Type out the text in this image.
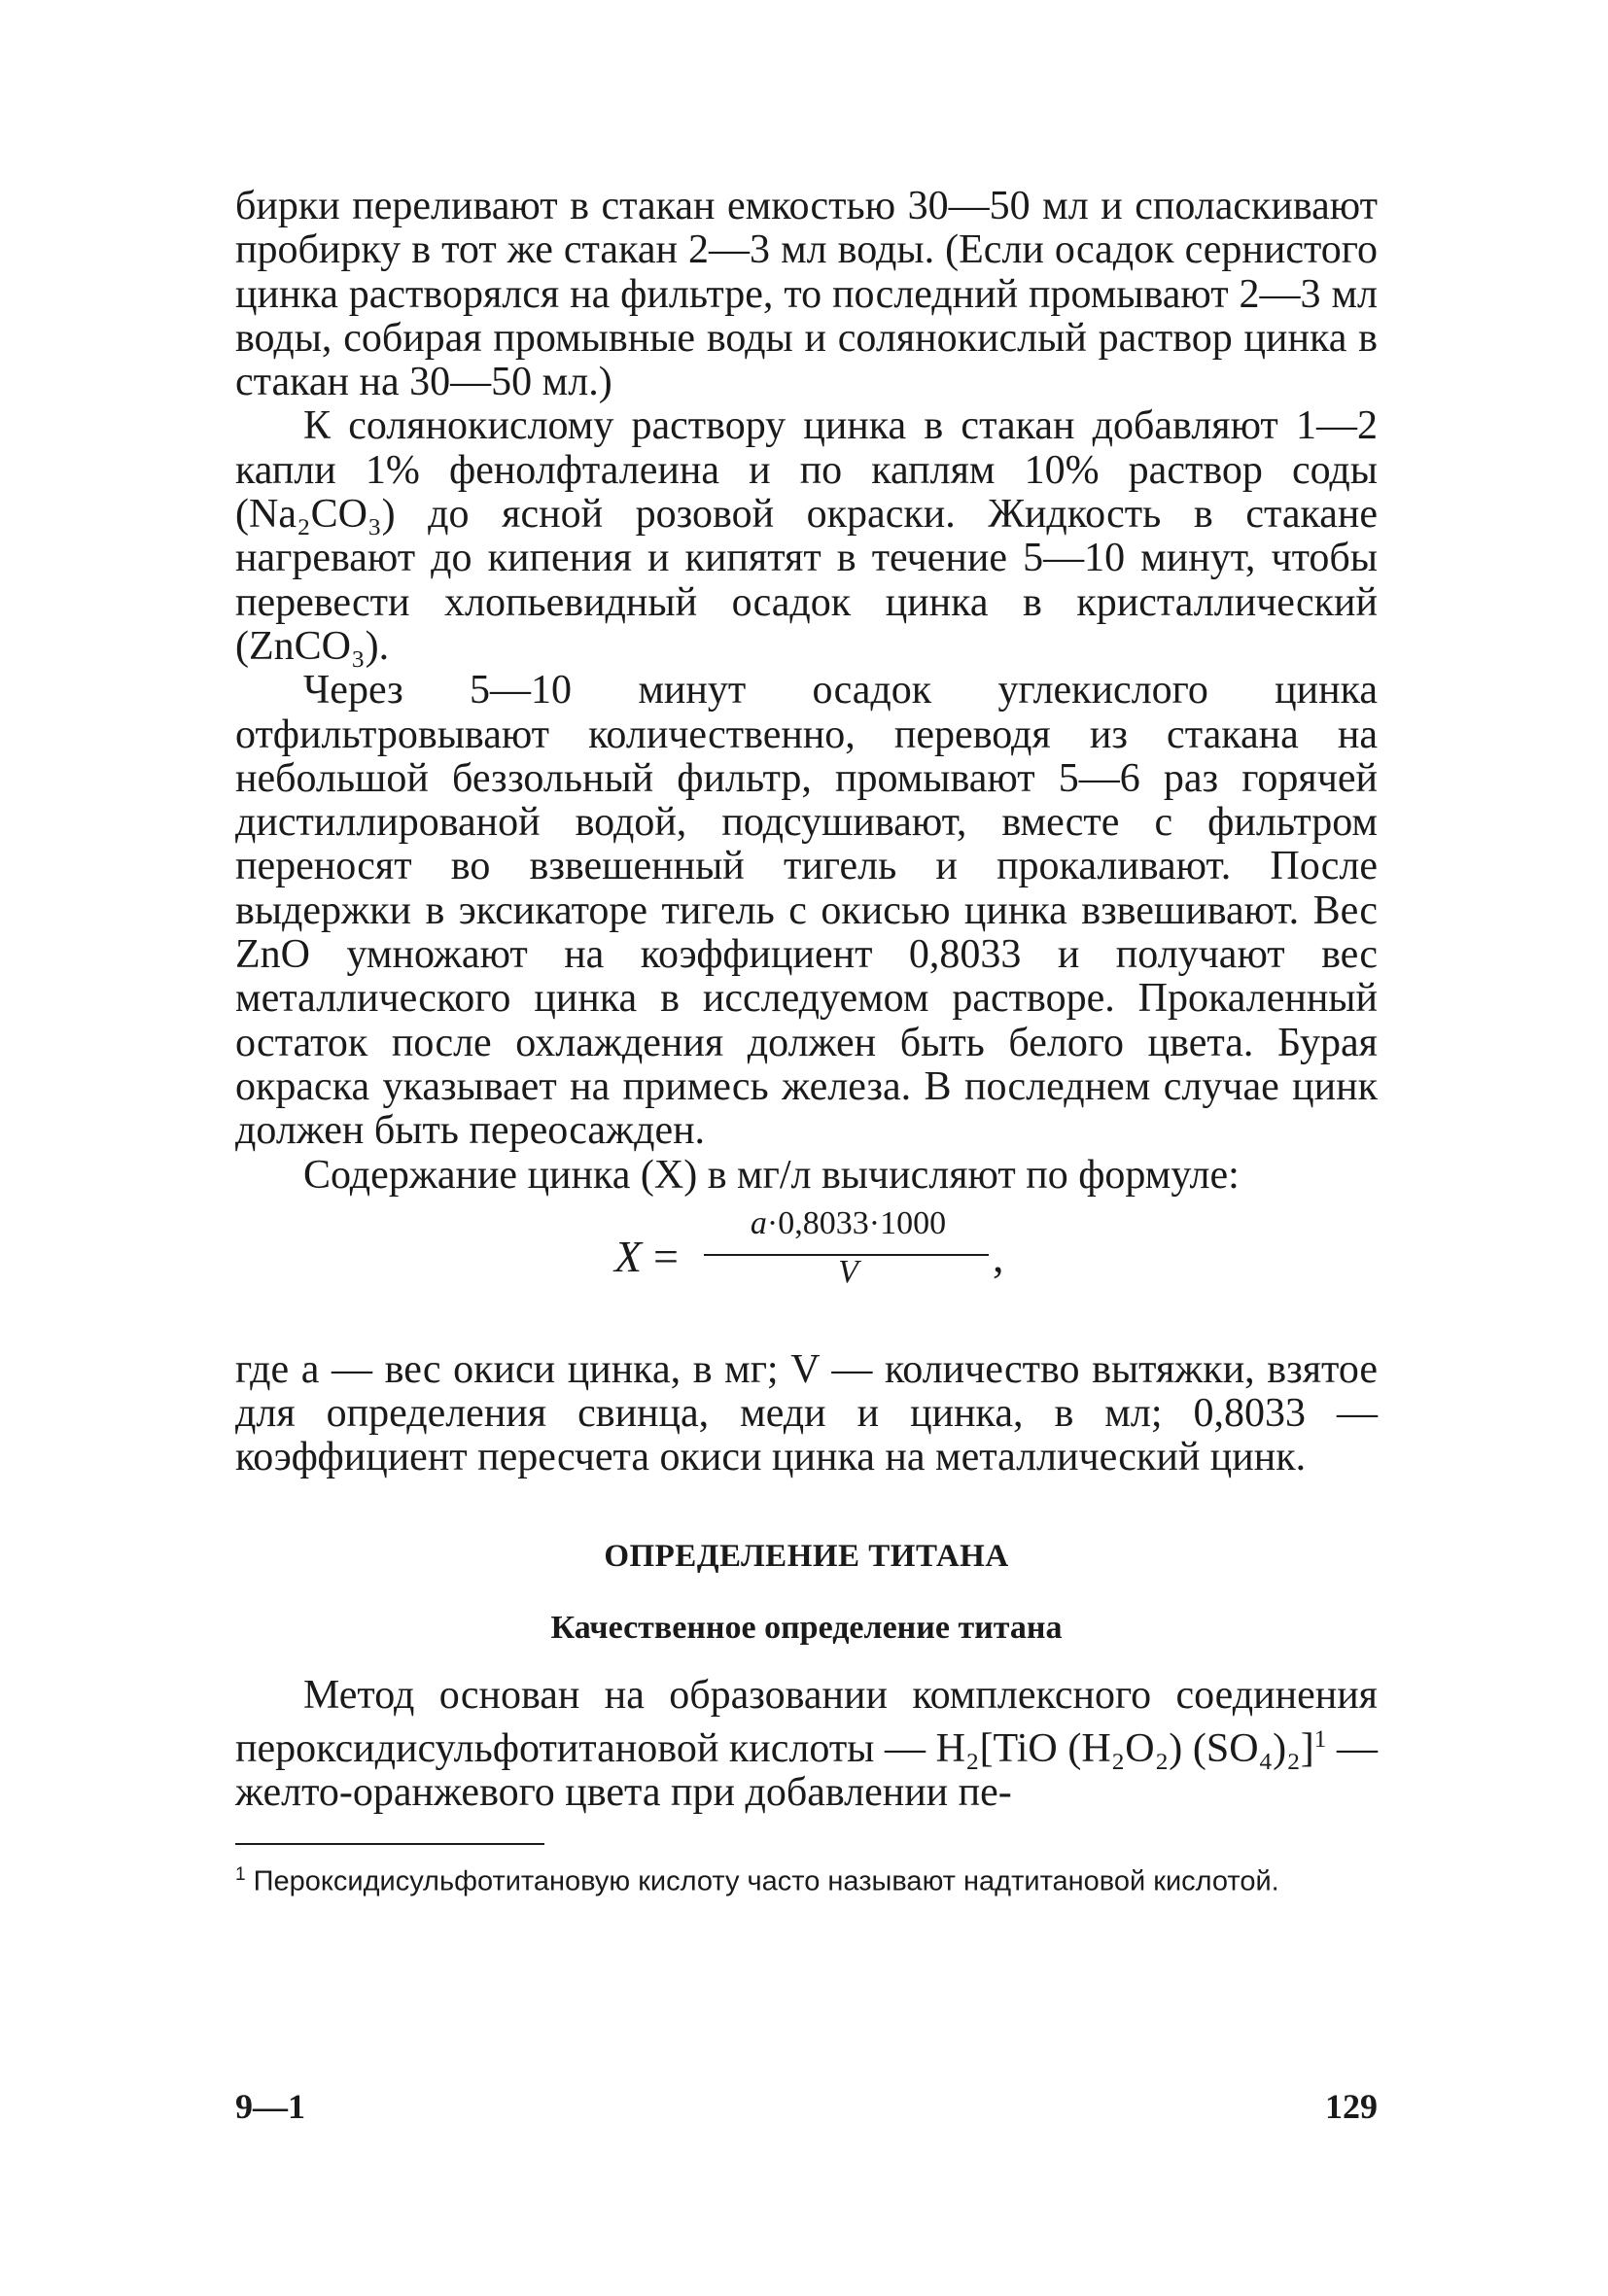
бирки переливают в стакан емкостью 30—50 мл и споласкивают пробирку в тот же стакан 2—3 мл воды. (Если осадок сернистого цинка растворялся на фильтре, то последний промывают 2—3 мл воды, собирая промывные воды и солянокислый раствор цинка в стакан на 30—50 мл.)

К солянокислому раствору цинка в стакан добавляют 1—2 капли 1% фенолфталеина и по каплям 10% раствор соды (Na₂CO₃) до ясной розовой окраски. Жидкость в стакане нагревают до кипения и кипятят в течение 5—10 минут, чтобы перевести хлопьевидный осадок цинка в кристаллический (ZnCO₃).

Через 5—10 минут осадок углекислого цинка отфильтровывают количественно, переводя из стакана на небольшой беззольный фильтр, промывают 5—6 раз горячей дистиллированой водой, подсушивают, вместе с фильтром переносят во взвешенный тигель и прокаливают. После выдержки в эксикаторе тигель с окисью цинка взвешивают. Вес ZnO умножают на коэффициент 0,8033 и получают вес металлического цинка в исследуемом растворе. Прокаленный остаток после охлаждения должен быть белого цвета. Бурая окраска указывает на примесь железа. В последнем случае цинк должен быть переосажден.

Содержание цинка (X) в мг/л вычисляют по формуле:

X =
a·0,8033·1000
V	,

где a — вес окиси цинка, в мг; V — количество вытяжки, взятое для определения свинца, меди и цинка, в мл; 0,8033 — коэффициент пересчета окиси цинка на металлический цинк.

ОПРЕДЕЛЕНИЕ ТИТАНА
Качественное определение титана

Метод основан на образовании комплексного соединения пероксидисульфотитановой кислоты — H₂[TiO (H₂O₂) (SO₄)₂]$^1$ — желто-оранжевого цвета при добавлении пе-

$^1$ Пероксидисульфотитановую кислоту часто называют надтитановой кислотой.

9—1	129
